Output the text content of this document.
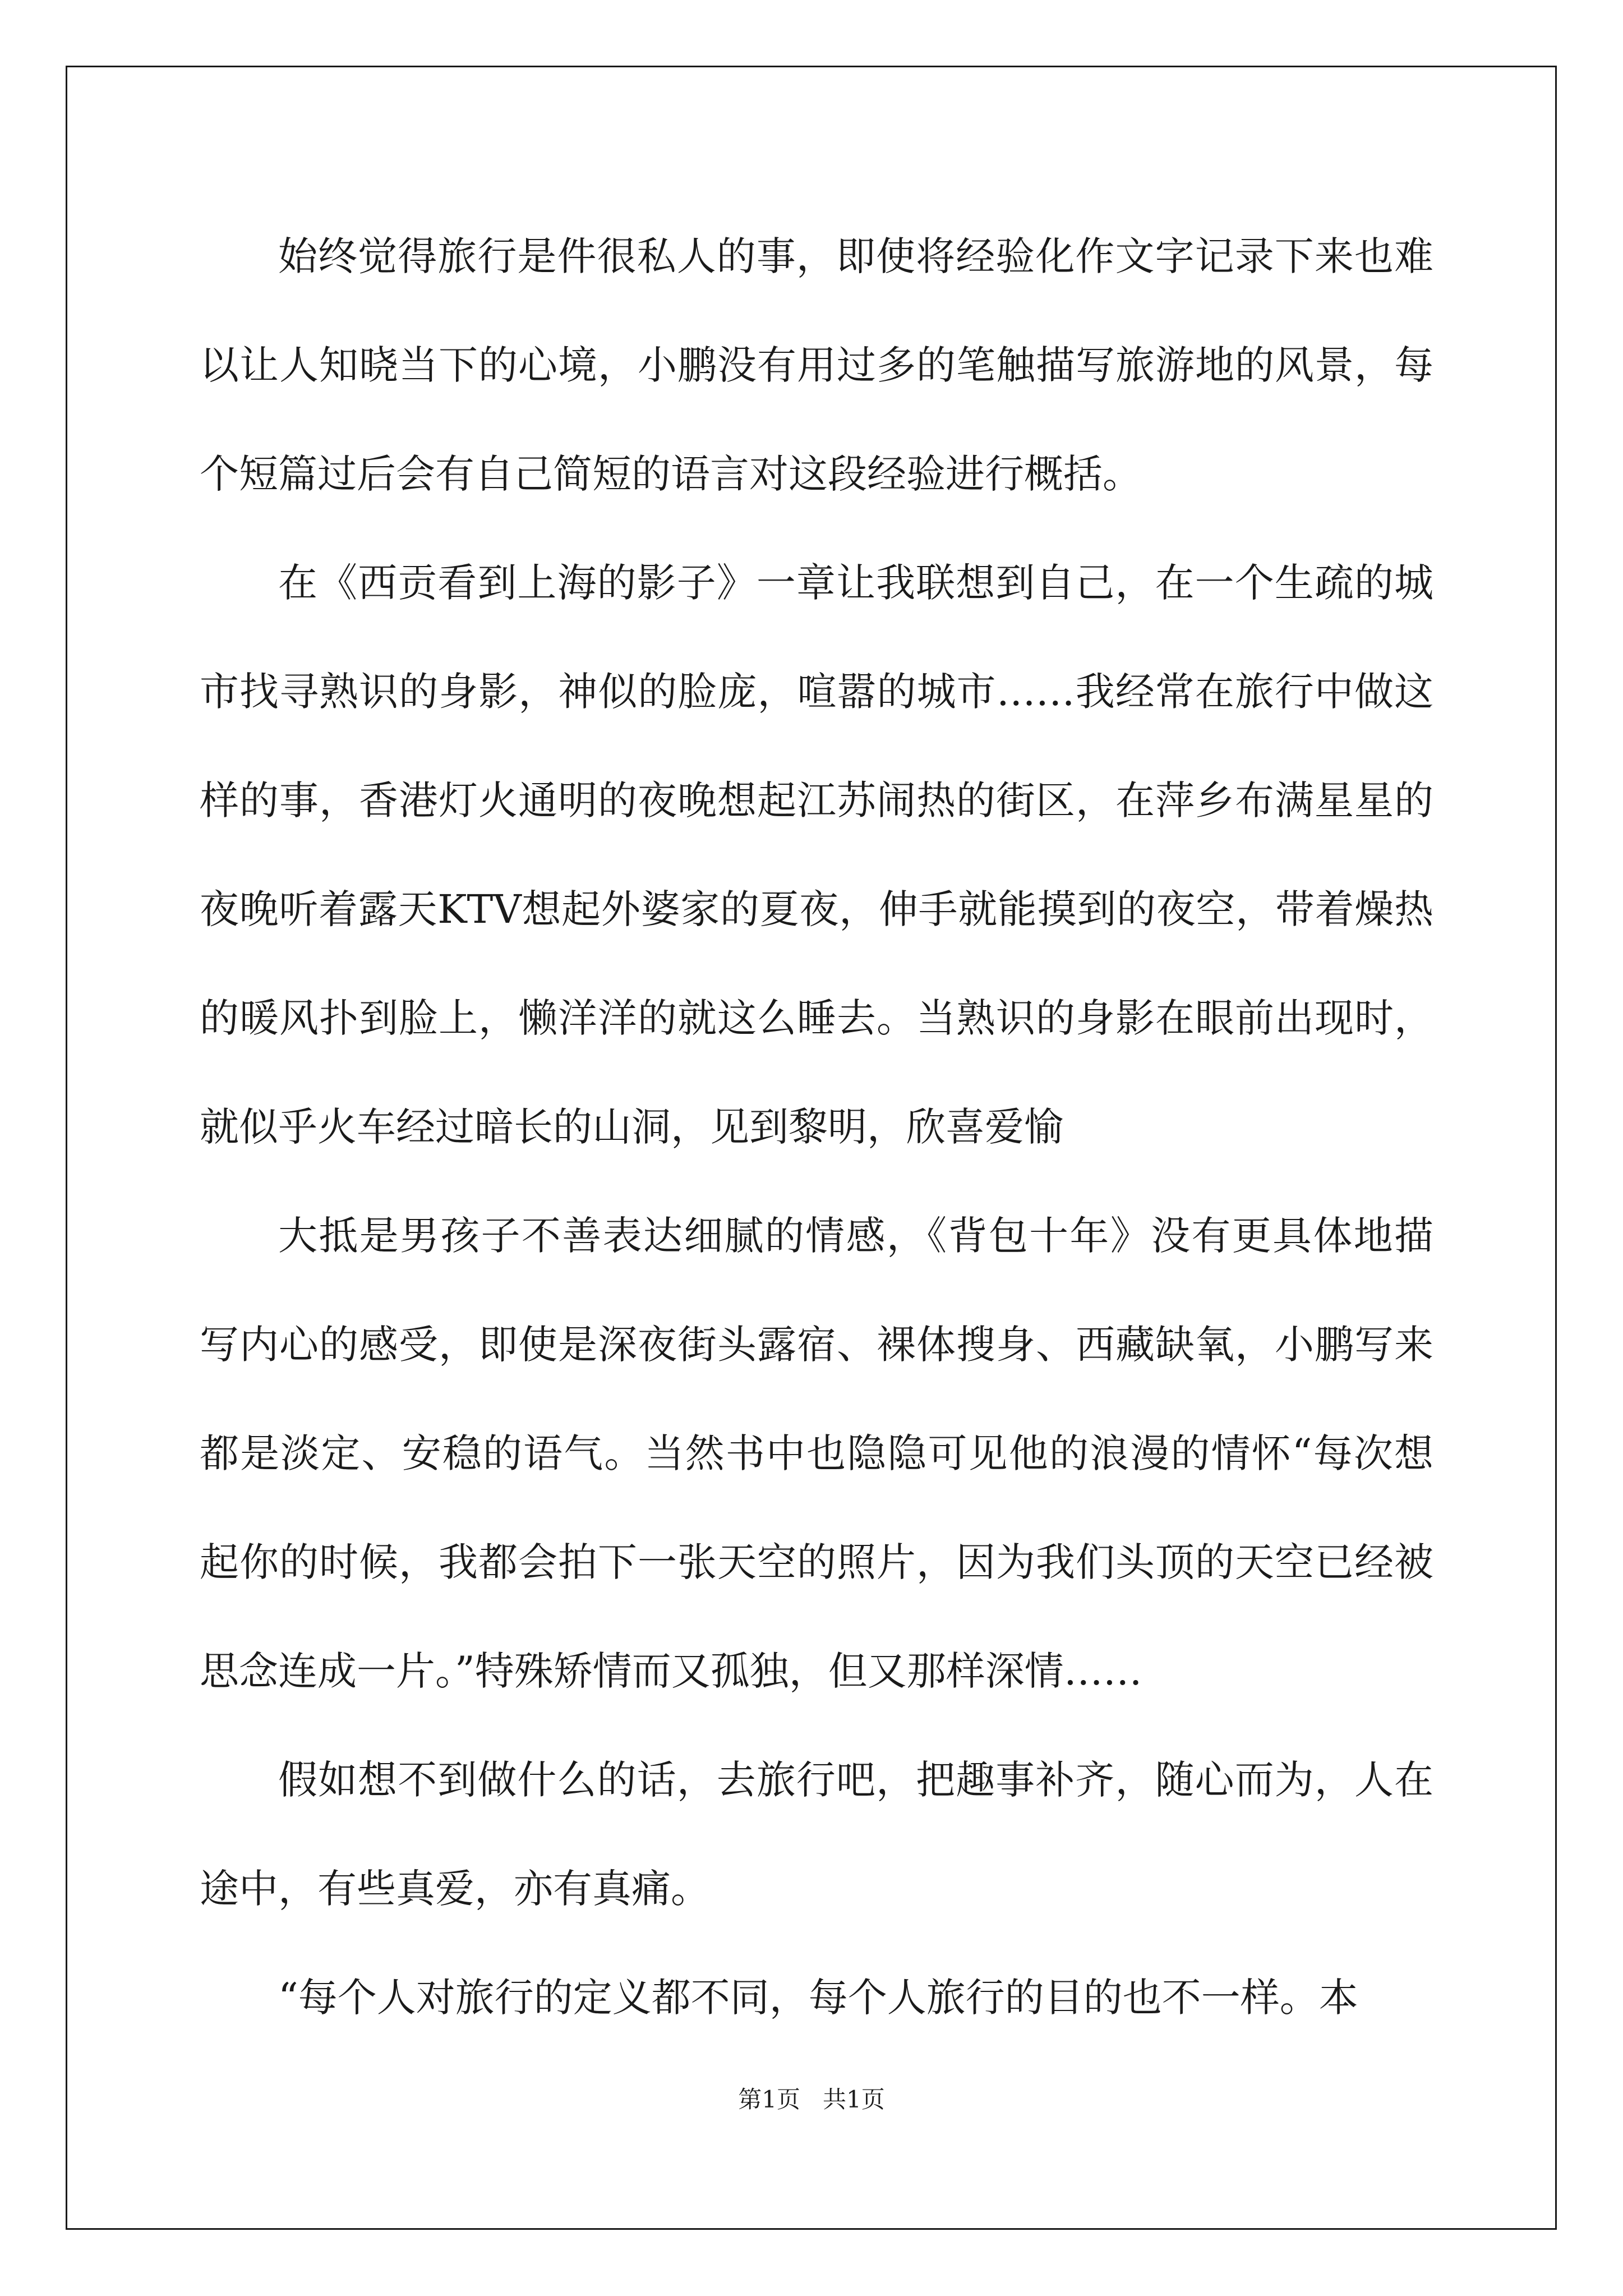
始终觉得旅行是件很私人的事，即使将经验化作文字记录下来也难以让人知晓当下的心境，小鹏没有用过多的笔触描写旅游地的风景，每个短篇过后会有自己简短的语言对这段经验进行概括。

在《西贡看到上海的影子》一章让我联想到自己，在一个生疏的城市找寻熟识的身影，神似的脸庞，喧嚣的城市……我经常在旅行中做这样的事，香港灯火通明的夜晚想起江苏闹热的街区，在萍乡布满星星的夜晚听着露天KTV想起外婆家的夏夜，伸手就能摸到的夜空，带着燥热的暖风扑到脸上，懒洋洋的就这么睡去。当熟识的身影在眼前出现时，就似乎火车经过暗长的山洞，见到黎明，欣喜爱愉

大抵是男孩子不善表达细腻的情感，《背包十年》没有更具体地描写内心的感受，即使是深夜街头露宿、裸体搜身、西藏缺氧，小鹏写来都是淡定、安稳的语气。当然书中也隐隐可见他的浪漫的情怀“每次想起你的时候，我都会拍下一张天空的照片，因为我们头顶的天空已经被思念连成一片。”特殊矫情而又孤独，但又那样深情……

假如想不到做什么的话，去旅行吧，把趣事补齐，随心而为，人在途中，有些真爱，亦有真痛。

“每个人对旅行的定义都不同，每个人旅行的目的也不一样。本

第1页   共1页
